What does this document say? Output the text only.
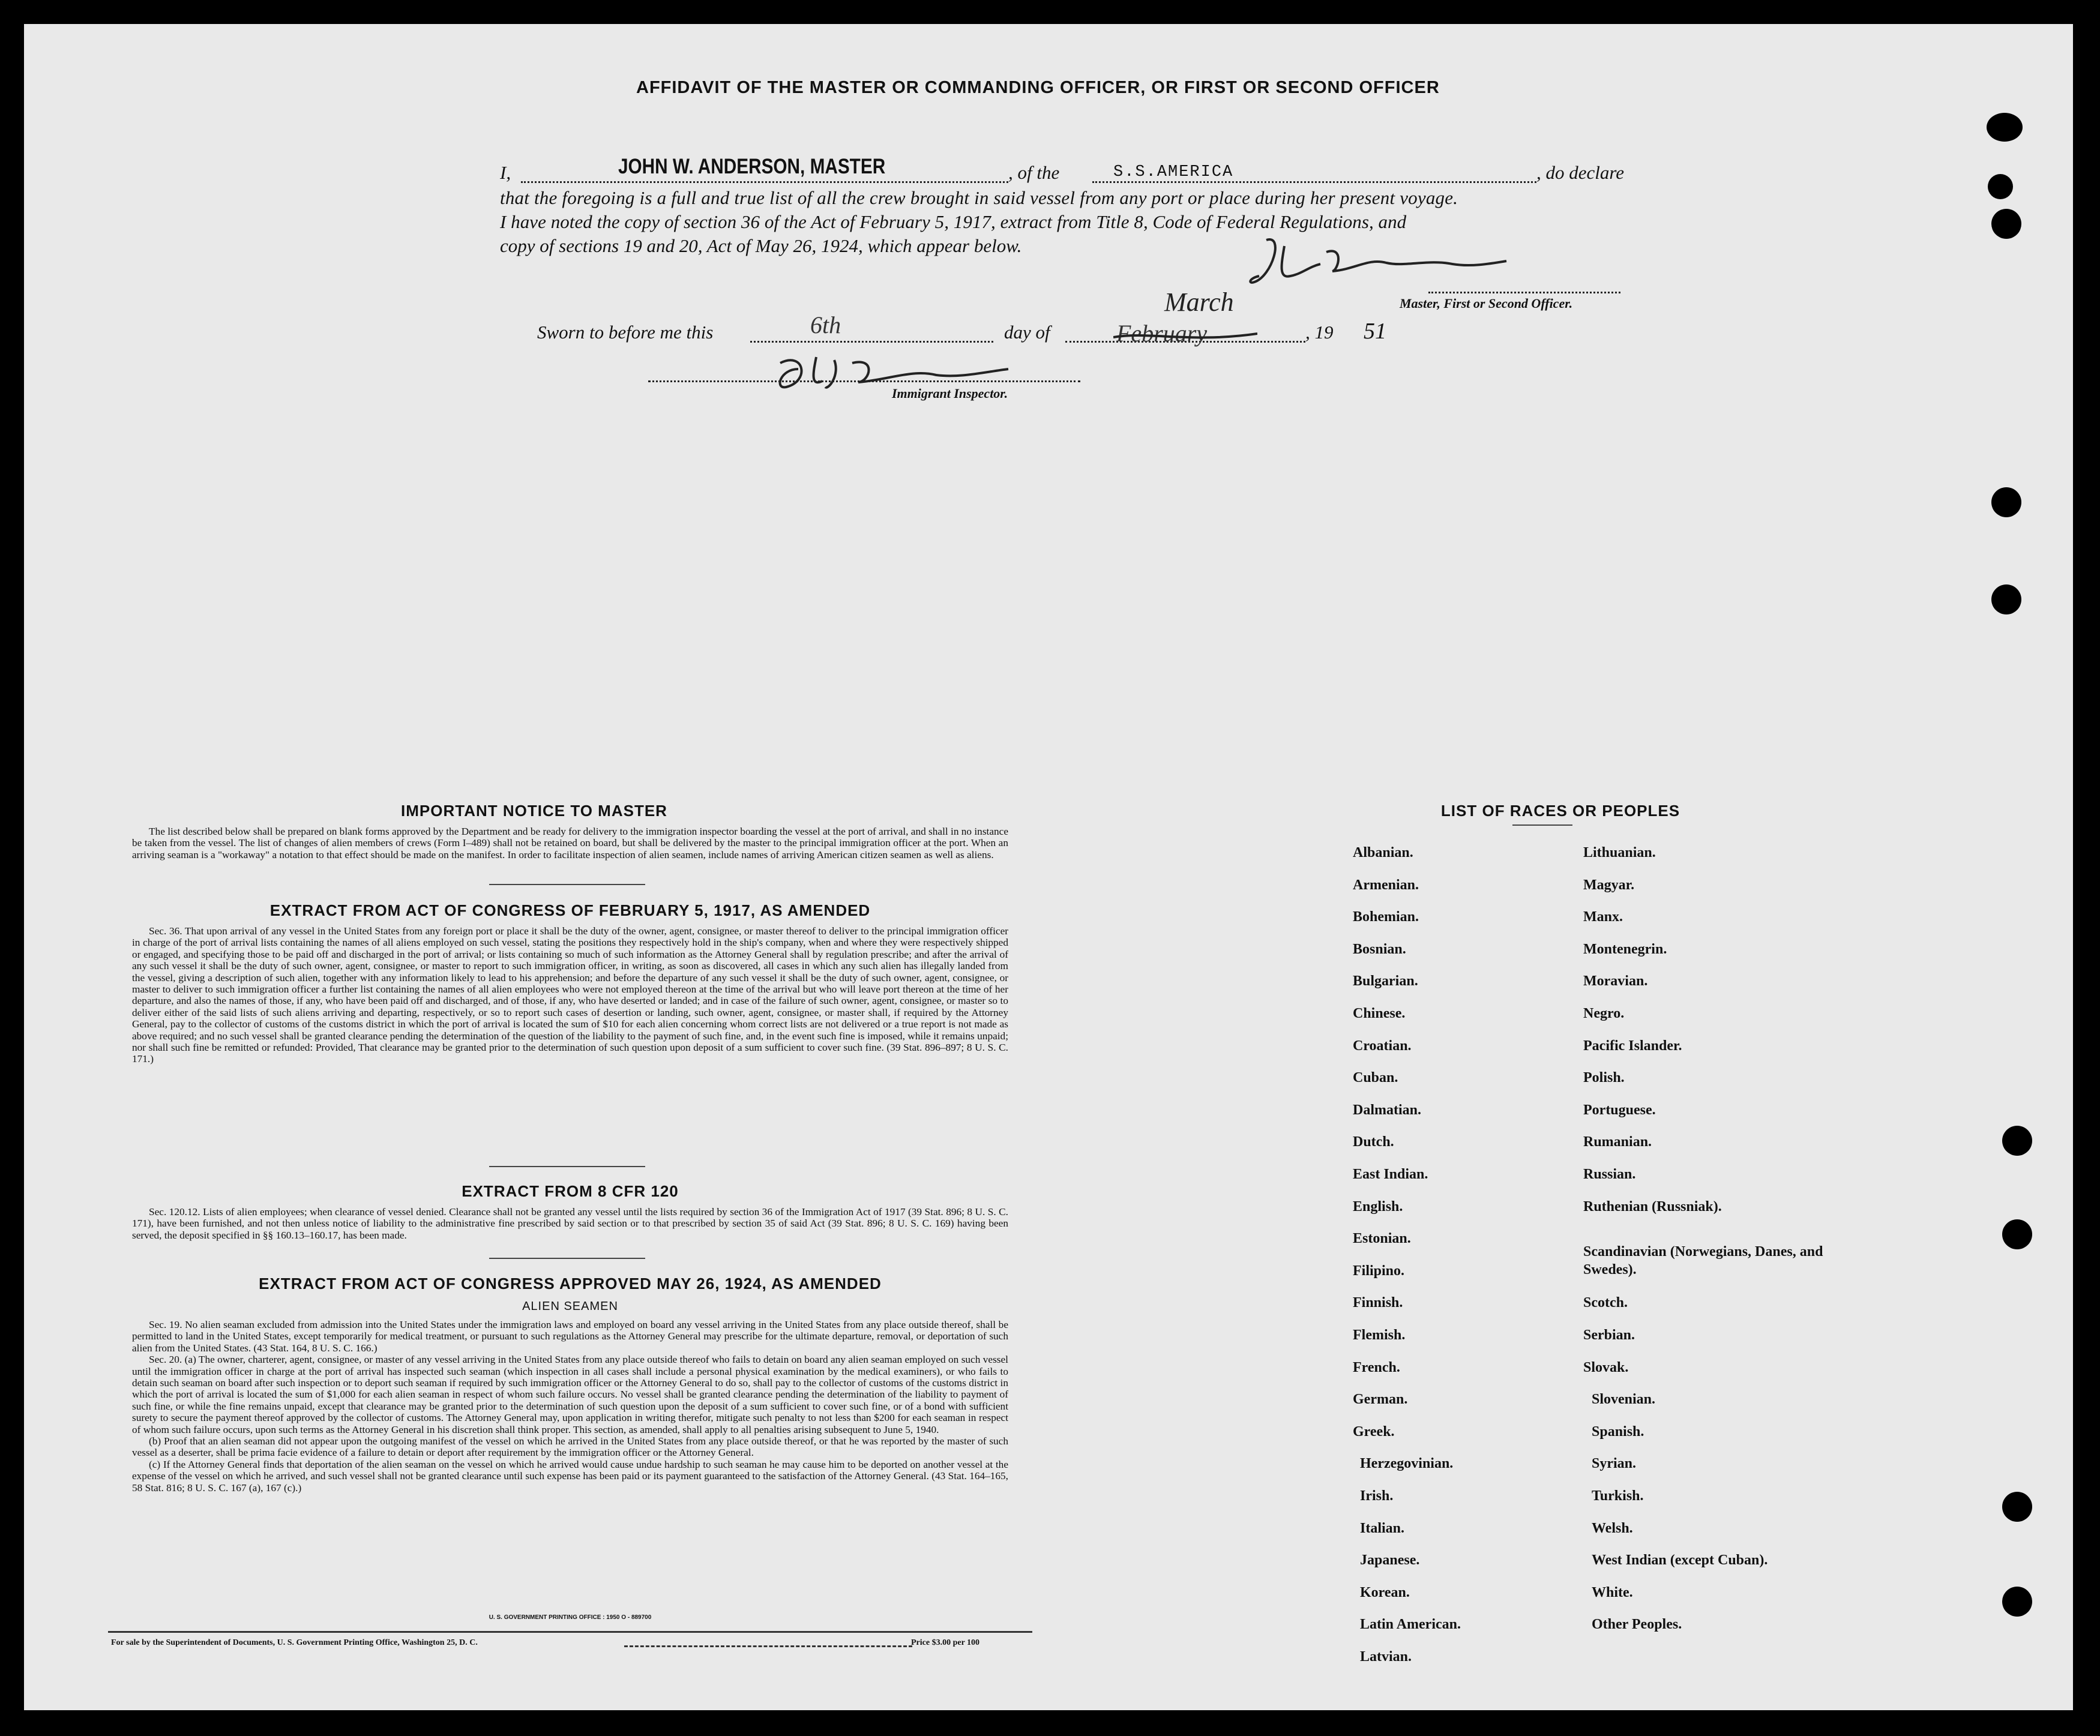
AFFIDAVIT OF THE MASTER OR COMMANDING OFFICER, OR FIRST OR SECOND OFFICER
I,	JOHN W. ANDERSON, MASTER	, of the	S.S.AMERICA	, do declare
that the foregoing is a full and true list of all the crew brought in said vessel from any port or place during her present voyage.
I have noted the copy of section 36 of the Act of February 5, 1917, extract from Title 8, Code of Federal Regulations, and
copy of sections 19 and 20, Act of May 26, 1924, which appear below.
Master, First or Second Officer.
Sworn to before me this	6th	day of	February
March
, 19 51
Immigrant Inspector.
IMPORTANT NOTICE TO MASTER

The list described below shall be prepared on blank forms approved by the Department and be ready for delivery to the immigration inspector boarding the vessel at the port of arrival, and shall in no instance be taken from the vessel. The list of changes of alien members of crews (Form I–489) shall not be retained on board, but shall be delivered by the master to the principal immigration officer at the port. When an arriving seaman is a "workaway" a notation to that effect should be made on the manifest. In order to facilitate inspection of alien seamen, include names of arriving American citizen seamen as well as aliens.

EXTRACT FROM ACT OF CONGRESS OF FEBRUARY 5, 1917, AS AMENDED

Sec. 36. That upon arrival of any vessel in the United States from any foreign port or place it shall be the duty of the owner, agent, consignee, or master thereof to deliver to the principal immigration officer in charge of the port of arrival lists containing the names of all aliens employed on such vessel, stating the positions they respectively hold in the ship's company, when and where they were respectively shipped or engaged, and specifying those to be paid off and discharged in the port of arrival; or lists containing so much of such information as the Attorney General shall by regulation prescribe; and after the arrival of any such vessel it shall be the duty of such owner, agent, consignee, or master to report to such immigration officer, in writing, as soon as discovered, all cases in which any such alien has illegally landed from the vessel, giving a description of such alien, together with any information likely to lead to his apprehension; and before the departure of any such vessel it shall be the duty of such owner, agent, consignee, or master to deliver to such immigration officer a further list containing the names of all alien employees who were not employed thereon at the time of the arrival but who will leave port thereon at the time of her departure, and also the names of those, if any, who have been paid off and discharged, and of those, if any, who have deserted or landed; and in case of the failure of such owner, agent, consignee, or master so to deliver either of the said lists of such aliens arriving and departing, respectively, or so to report such cases of desertion or landing, such owner, agent, consignee, or master shall, if required by the Attorney General, pay to the collector of customs of the customs district in which the port of arrival is located the sum of $10 for each alien concerning whom correct lists are not delivered or a true report is not made as above required; and no such vessel shall be granted clearance pending the determination of the question of the liability to the payment of such fine, and, in the event such fine is imposed, while it remains unpaid; nor shall such fine be remitted or refunded: Provided, That clearance may be granted prior to the determination of such question upon deposit of a sum sufficient to cover such fine. (39 Stat. 896–897; 8 U. S. C. 171.)

EXTRACT FROM 8 CFR 120

Sec. 120.12. Lists of alien employees; when clearance of vessel denied. Clearance shall not be granted any vessel until the lists required by section 36 of the Immigration Act of 1917 (39 Stat. 896; 8 U. S. C. 171), have been furnished, and not then unless notice of liability to the administrative fine prescribed by said section or to that prescribed by section 35 of said Act (39 Stat. 896; 8 U. S. C. 169) having been served, the deposit specified in §§ 160.13–160.17, has been made.

EXTRACT FROM ACT OF CONGRESS APPROVED MAY 26, 1924, AS AMENDED
ALIEN SEAMEN

Sec. 19. No alien seaman excluded from admission into the United States under the immigration laws and employed on board any vessel arriving in the United States from any place outside thereof, shall be permitted to land in the United States, except temporarily for medical treatment, or pursuant to such regulations as the Attorney General may prescribe for the ultimate departure, removal, or deportation of such alien from the United States. (43 Stat. 164, 8 U. S. C. 166.)

Sec. 20. (a) The owner, charterer, agent, consignee, or master of any vessel arriving in the United States from any place outside thereof who fails to detain on board any alien seaman employed on such vessel until the immigration officer in charge at the port of arrival has inspected such seaman (which inspection in all cases shall include a personal physical examination by the medical examiners), or who fails to detain such seaman on board after such inspection or to deport such seaman if required by such immigration officer or the Attorney General to do so, shall pay to the collector of customs of the customs district in which the port of arrival is located the sum of $1,000 for each alien seaman in respect of whom such failure occurs. No vessel shall be granted clearance pending the determination of the liability to payment of such fine, or while the fine remains unpaid, except that clearance may be granted prior to the determination of such question upon the deposit of a sum sufficient to cover such fine, or of a bond with sufficient surety to secure the payment thereof approved by the collector of customs. The Attorney General may, upon application in writing therefor, mitigate such penalty to not less than $200 for each seaman in respect of whom such failure occurs, upon such terms as the Attorney General in his discretion shall think proper. This section, as amended, shall apply to all penalties arising subsequent to June 5, 1940.

(b) Proof that an alien seaman did not appear upon the outgoing manifest of the vessel on which he arrived in the United States from any place outside thereof, or that he was reported by the master of such vessel as a deserter, shall be prima facie evidence of a failure to detain or deport after requirement by the immigration officer or the Attorney General.

(c) If the Attorney General finds that deportation of the alien seaman on the vessel on which he arrived would cause undue hardship to such seaman he may cause him to be deported on another vessel at the expense of the vessel on which he arrived, and such vessel shall not be granted clearance until such expense has been paid or its payment guaranteed to the satisfaction of the Attorney General. (43 Stat. 164–165, 58 Stat. 816; 8 U. S. C. 167 (a), 167 (c).)

U. S. GOVERNMENT PRINTING OFFICE : 1950 O - 889700
For sale by the Superintendent of Documents, U. S. Government Printing Office, Washington 25, D. C.	Price $3.00 per 100
LIST OF RACES OR PEOPLES
Albanian.
Armenian.
Bohemian.
Bosnian.
Bulgarian.
Chinese.
Croatian.
Cuban.
Dalmatian.
Dutch.
East Indian.
English.
Estonian.
Filipino.
Finnish.
Flemish.
French.
German.
Greek.
Herzegovinian.
Irish.
Italian.
Japanese.
Korean.
Latin American.
Latvian.
Lithuanian.
Magyar.
Manx.
Montenegrin.
Moravian.
Negro.
Pacific Islander.
Polish.
Portuguese.
Rumanian.
Russian.
Ruthenian (Russniak).
Scandinavian (Norwegians, Danes, and Swedes).
Scotch.
Serbian.
Slovak.
Slovenian.
Spanish.
Syrian.
Turkish.
Welsh.
West Indian (except Cuban).
White.
Other Peoples.
